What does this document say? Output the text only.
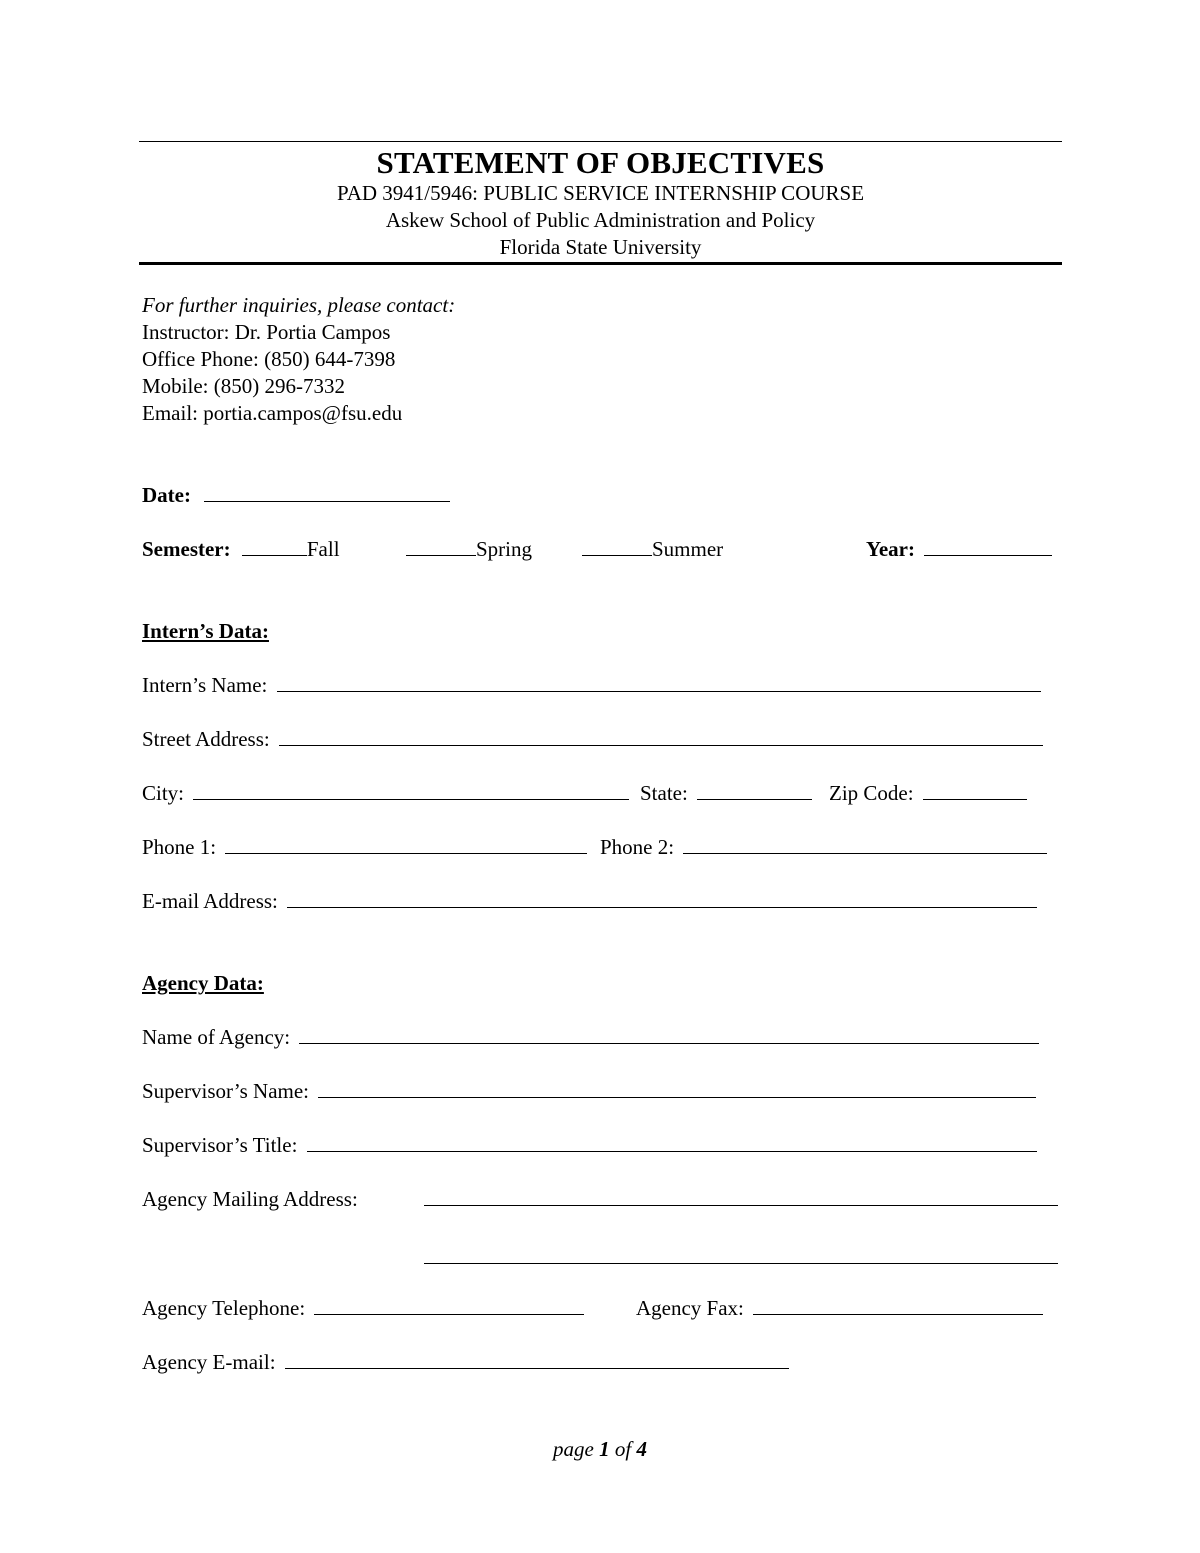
STATEMENT OF OBJECTIVES
PAD 3941/5946: PUBLIC SERVICE INTERNSHIP COURSE
Askew School of Public Administration and Policy
Florida State University
For further inquiries, please contact:
Instructor: Dr. Portia Campos
Office Phone: (850) 644-7398
Mobile: (850) 296-7332
Email: portia.campos@fsu.edu
Date:
Semester:	Fall	Spring	Summer	Year:
Intern’s Data:
Intern’s Name:
Street Address:
City:	State:	Zip Code:
Phone 1:	Phone 2:
E-mail Address:
Agency Data:
Name of Agency:
Supervisor’s Name:
Supervisor’s Title:
Agency Mailing Address:
Agency Telephone:	Agency Fax:
Agency E-mail:
page 1 of 4
